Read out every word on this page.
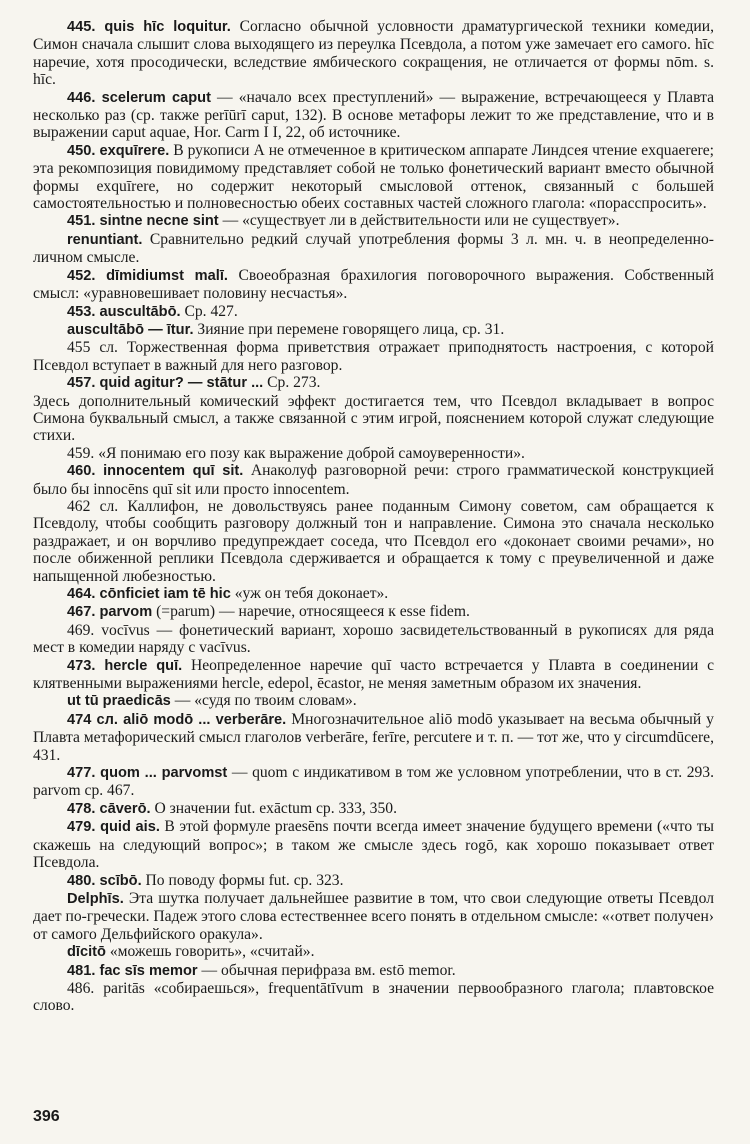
445. quis hīc loquitur. Согласно обычной условности драматургической техники комедии, Симон сначала слышит слова выходящего из переулка Псевдола, а потом уже замечает его самого. hīc наречие, хотя просодически, вследствие ямбического сокращения, не отличается от формы nōm. s. hīc.

446. scelerum caput — «начало всех преступлений» — выражение, встречающееся у Плавта несколько раз (ср. также perīūrī caput, 132). В основе метафоры лежит то же представление, что и в выражении caput aquae, Hor. Carm I I, 22, об источнике.

450. exquīrere. В рукописи А не отмеченное в критическом аппарате Линдсея чтение exquaerere; эта рекомпозиция повидимому представляет собой не только фонетический вариант вместо обычной формы exquīrere, но содержит некоторый смысловой оттенок, связанный с большей самостоятельностью и полновесностью обеих составных частей сложного глагола: «порасспросить».

451. sintne necne sint — «существует ли в действительности или не существует».

renuntiant. Сравнительно редкий случай употребления формы 3 л. мн. ч. в неопределенно-личном смысле.

452. dīmidiumst malī. Своеобразная брахилогия поговорочного выражения. Собственный смысл: «уравновешивает половину несчастья».

453. auscultābō. Ср. 427.

auscultābō — ītur. Зияние при перемене говорящего лица, ср. 31.

455 сл. Торжественная форма приветствия отражает приподнятость настроения, с которой Псевдол вступает в важный для него разговор.

457. quid agitur? — stātur ... Ср. 273.

Здесь дополнительный комический эффект достигается тем, что Псевдол вкладывает в вопрос Симона буквальный смысл, а также связанной с этим игрой, пояснением которой служат следующие стихи.

459. «Я понимаю его позу как выражение доброй самоуверенности».

460. innocentem quī sit. Анаколуф разговорной речи: строго грамматической конструкцией было бы innocēns quī sit или просто innocentem.

462 сл. Каллифон, не довольствуясь ранее поданным Симону советом, сам обращается к Псевдолу, чтобы сообщить разговору должный тон и направление. Симона это сначала несколько раздражает, и он ворчливо предупреждает соседа, что Псевдол его «доконает своими речами», но после обиженной реплики Псевдола сдерживается и обращается к тому с преувеличенной и даже напыщенной любезностью.

464. cōnficiet iam tē hic «уж он тебя доконает».

467. parvom (=parum) — наречие, относящееся к esse fidem.

469. vocīvus — фонетический вариант, хорошо засвидетельствованный в рукописях для ряда мест в комедии наряду с vacīvus.

473. hercle quī. Неопределенное наречие quī часто встречается у Плавта в соединении с клятвенными выражениями hercle, edepol, ēcastor, не меняя заметным образом их значения.

ut tū praedicās — «судя по твоим словам».

474 сл. aliō modō ... verberāre. Многозначительное aliō modō указывает на весьма обычный у Плавта метафорический смысл глаголов verberāre, ferīre, percutere и т. п. — тот же, что у circumdūcere, 431.

477. quom ... parvomst — quom с индикативом в том же условном употреблении, что в ст. 293. parvom ср. 467.

478. cāverō. О значении fut. exāctum ср. 333, 350.

479. quid ais. В этой формуле praesēns почти всегда имеет значение будущего времени («что ты скажешь на следующий вопрос»; в таком же смысле здесь rogō, как хорошо показывает ответ Псевдола.

480. scībō. По поводу формы fut. ср. 323.

Delphīs. Эта шутка получает дальнейшее развитие в том, что свои следующие ответы Псевдол дает по-гречески. Падеж этого слова естественнее всего понять в отдельном смысле: «‹ответ получен› от самого Дельфийского оракула».

dīcitō «можешь говорить», «считай».

481. fac sīs memor — обычная перифраза вм. estō memor.

486. paritās «собираешься», frequentātīvum в значении первообразного глагола; плавтовское слово.

396
